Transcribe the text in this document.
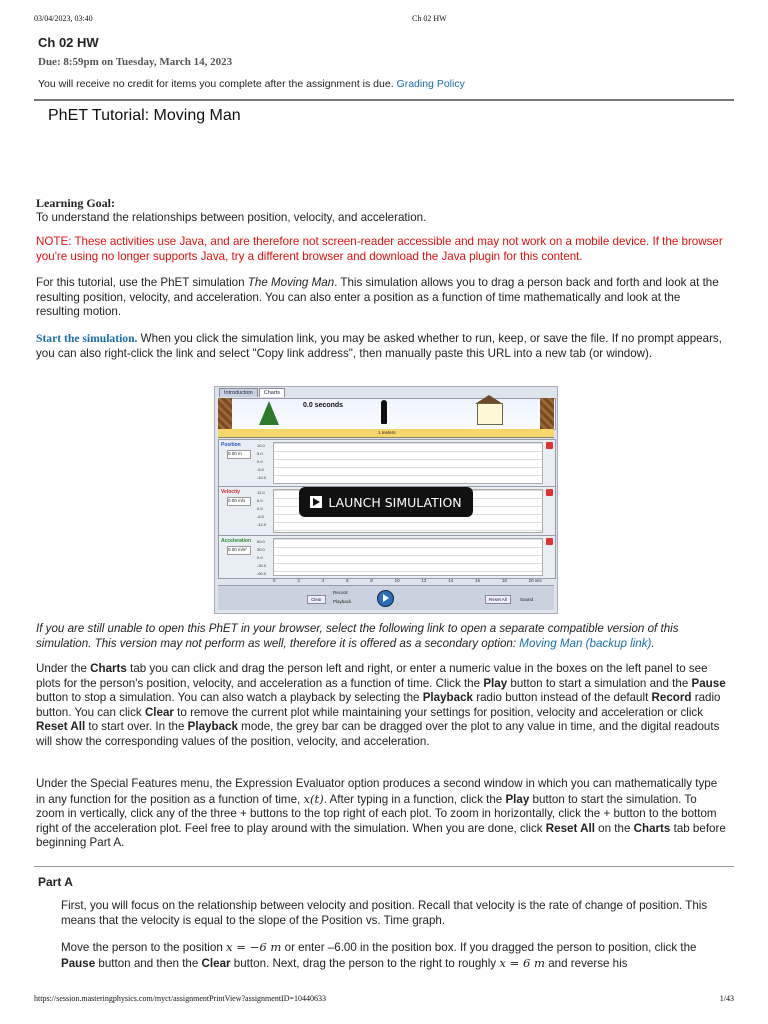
03/04/2023, 03:40	Ch 02 HW
Ch 02 HW
Due: 8:59pm on Tuesday, March 14, 2023
You will receive no credit for items you complete after the assignment is due. Grading Policy
PhET Tutorial: Moving Man
Learning Goal:
To understand the relationships between position, velocity, and acceleration.
NOTE: These activities use Java, and are therefore not screen-reader accessible and may not work on a mobile device. If the browser you're using no longer supports Java, try a different browser and download the Java plugin for this content.
For this tutorial, use the PhET simulation The Moving Man. This simulation allows you to drag a person back and forth and look at the resulting position, velocity, and acceleration. You can also enter a position as a function of time mathematically and look at the resulting motion.
Start the simulation. When you click the simulation link, you may be asked whether to run, keep, or save the file. If no prompt appears, you can also right-click the link and select "Copy link address", then manually paste this URL into a new tab (or window).
Introduction	Charts
0.0 seconds
1 meters
Position
0.00 m
10.0
5.0
0.0
-5.0
-10.0
Velocity
0.00 m/s
12.0
6.0
0.0
-6.0
-12.0
Acceleration
0.00 m/s²
60.0
30.0
0.0
-30.0
-60.0
0	2	4	6	8	10	12	14	16	18	20 sec
Clear
Record
Playback	Reset All	Sound
LAUNCH SIMULATION
If you are still unable to open this PhET in your browser, select the following link to open a separate compatible version of this simulation. This version may not perform as well, therefore it is offered as a secondary option: Moving Man (backup link).
Under the Charts tab you can click and drag the person left and right, or enter a numeric value in the boxes on the left panel to see plots for the person's position, velocity, and acceleration as a function of time. Click the Play button to start a simulation and the Pause button to stop a simulation. You can also watch a playback by selecting the Playback radio button instead of the default Record radio button. You can click Clear to remove the current plot while maintaining your settings for position, velocity and acceleration or click Reset All to start over. In the Playback mode, the grey bar can be dragged over the plot to any value in time, and the digital readouts will show the corresponding values of the position, velocity, and acceleration.
Under the Special Features menu, the Expression Evaluator option produces a second window in which you can mathematically type in any function for the position as a function of time, x(t). After typing in a function, click the Play button to start the simulation. To zoom in vertically, click any of the three + buttons to the top right of each plot. To zoom in horizontally, click the + button to the bottom right of the acceleration plot. Feel free to play around with the simulation. When you are done, click Reset All on the Charts tab before beginning Part A.
Part A
First, you will focus on the relationship between velocity and position. Recall that velocity is the rate of change of position. This means that the velocity is equal to the slope of the Position vs. Time graph.
Move the person to the position x = −6 m or enter –6.00 in the position box. If you dragged the person to position, click the Pause button and then the Clear button. Next, drag the person to the right to roughly x = 6 m and reverse his
https://session.masteringphysics.com/myct/assignmentPrintView?assignmentID=10440633	1/43
